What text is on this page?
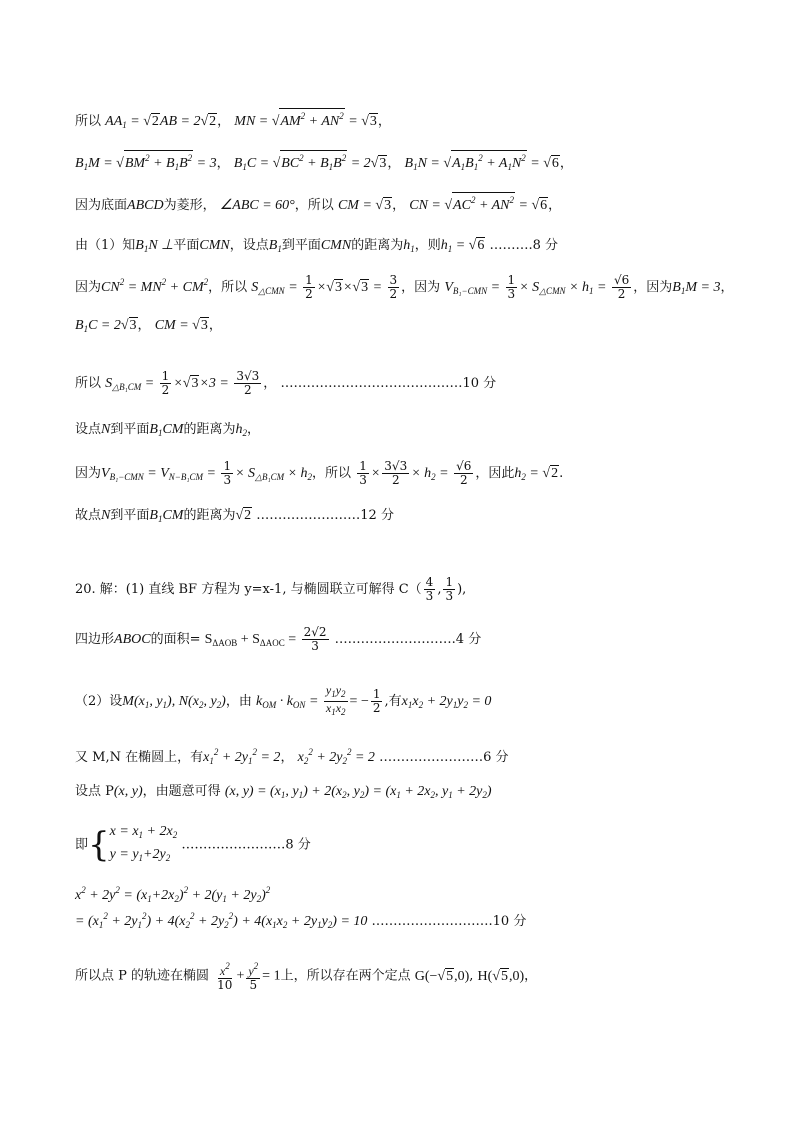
所以 $AA_1 = √2AB = 2√2$， MN = $√AM^2 + AN^2 = √3$，
$B_1M = √BM^2 + B_1B^2 = 3$， $B_1C = √BC^2 + B_1B^2 = 2√3$， $B_1N = √A_1B_1^2 + A_1N^2 = √6$，
因为底面ABCD为菱形， ∠ABC = 60°，所以 CM = √3， CN = $√AC^2 + AN^2 = √6$，
由（1）知$B_1N$ ⊥平面CMN，设点$B_1$到平面CMN的距离为$h_1$，则$h_1 = √6$ ……….8 分
因为$CN^2 = MN^2 + CM^2$，所以 $S_{\triangle CMN} = \frac{1}{2} \times√3\times√3 = \frac{3}{2}$ ，因为 $V_{B_1-CMN} = \frac{1}{3} \times S_{\triangle CMN} \times h_1 = \frac{√6}{2}$ ，因为$B_1M = 3$，
$B_1C = 2√3$， CM = √3，
所以 $S_{\triangle B_1CM} = \frac{1}{2} \times√3\times 3 = \frac{3√3}{2}$ ， ……………………………………10 分
设点N到平面$B_1CM$的距离为$h_2$，
因为$V_{B_1-CMN} = V_{N-B_1CM} = \frac{1}{3} \times S_{\triangle B_1CM} \times h_2$，所以 $\frac{1}{3} \times \frac{3√3}{2} \times h_2 = \frac{√6}{2}$ ，因此$h_2 = √2$.
故点N到平面$B_1CM$的距离为√2 ……………………12 分
20. 解：(1) 直线 BF 方程为 y=x-1, 与椭圆联立可解得 $C( \frac{4}{3}$ , $\frac{1}{3}$ ),
四边形ABOC的面积= $S_{\Delta AOB} + S_{\Delta AOC} = \frac{2√2}{3}$ ……………………….4 分
（2）设$M(x_1$, $y_1$), $N(x_2$, $y_2$)，由 $k_{OM} \cdot k_{ON} = \frac{y_1y_2}{x_1x_2}$ = − $\frac{1}{2}$ ,有$x_1x_2 + 2y_1y_2 = 0$
又 M,N 在椭圆上，有$x_1^2 + 2y_1^2 = 2$， $x_2^2 + 2y_2^2 = 2$ ……………………6 分
设点 P(x, y)，由题意可得 (x, $y) = (x_1$, $y_1) + 2(x_2$, $y_2) = (x_1 + 2x_2$, $y_1 + 2y_2$)
即{ $x = x_1 + 2x_2$
$y = y_1+2y_2$
……………………8 分
$x^2 + 2y^2 = (x_1+2x_2)^2 + 2(y_1 + 2y_2)^2$
= $(x_1^2 + 2y_1^2) + 4(x_2^2 + 2y_2^2) + 4(x_1x_2 + 2y_1y_2) = 10$ ……………………….10 分
所以点 P 的轨迹在椭圆 $\frac{x^2}{10} + \frac{y^2}{5} = 1$上，所以存在两个定点 G(−√5,0), H(√5,0)，
